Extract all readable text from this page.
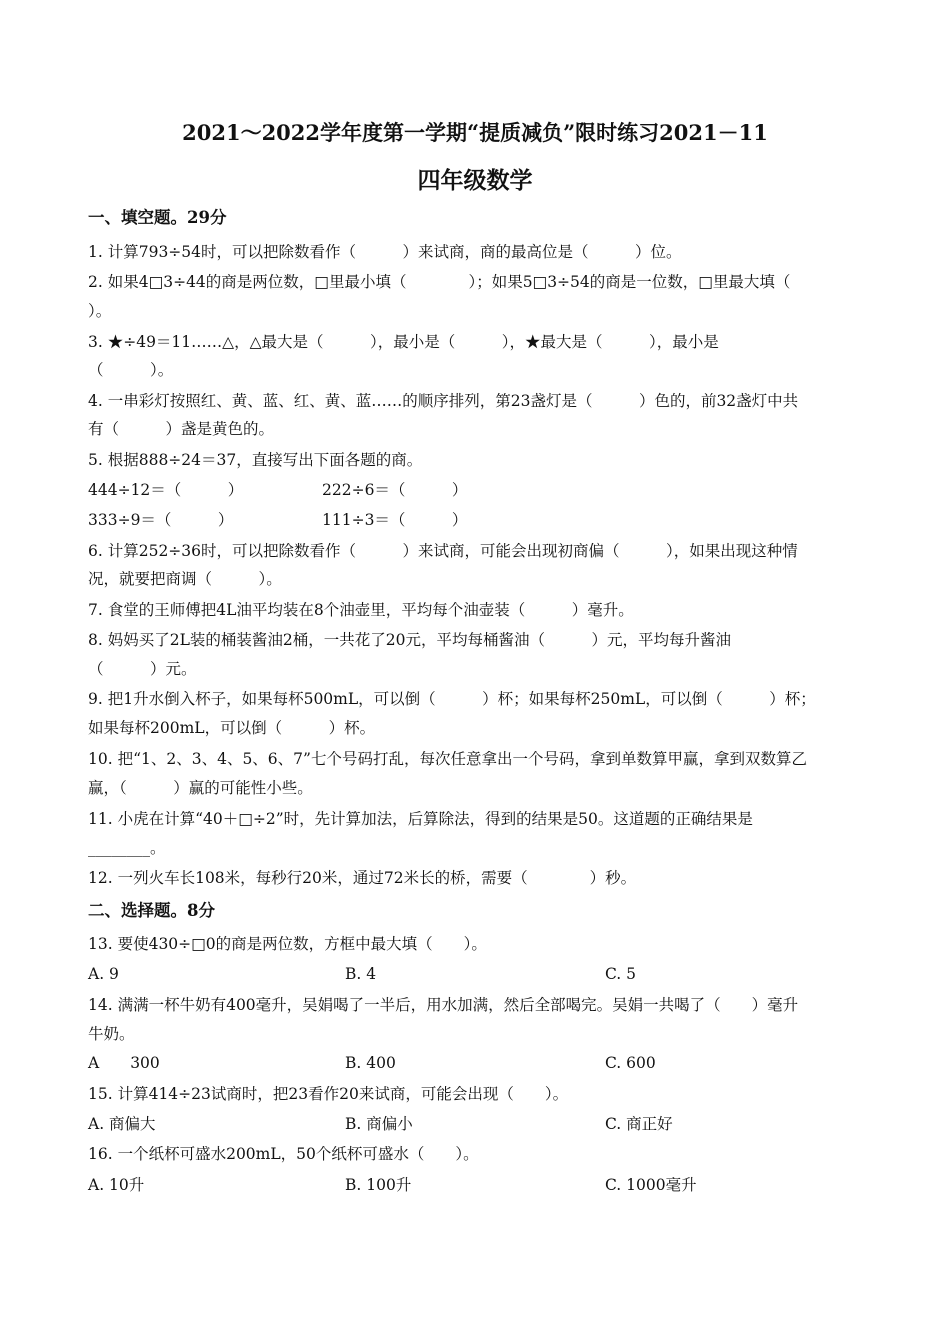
2021～2022学年度第一学期“提质减负”限时练习2021－11
四年级数学
一、填空题。29分
1. 计算793÷54时，可以把除数看作（　　　）来试商，商的最高位是（　　　）位。
2. 如果4□3÷44的商是两位数，□里最小填（　　　　）；如果5□3÷54的商是一位数，□里最大填（
）。
3. ★÷49＝11……△，△最大是（　　　），最小是（　　　），★最大是（　　　），最小是
（　　　）。
4. 一串彩灯按照红、黄、蓝、红、黄、蓝……的顺序排列，第23盏灯是（　　　）色的，前32盏灯中共
有（　　　）盏是黄色的。
5. 根据888÷24＝37，直接写出下面各题的商。
444÷12＝（　　　）	222÷6＝（　　　）
333÷9＝（　　　）	111÷3＝（　　　）
6. 计算252÷36时，可以把除数看作（　　　）来试商，可能会出现初商偏（　　　），如果出现这种情
况，就要把商调（　　　）。
7. 食堂的王师傅把4L油平均装在8个油壶里，平均每个油壶装（　　　）毫升。
8. 妈妈买了2L装的桶装酱油2桶，一共花了20元，平均每桶酱油（　　　）元，平均每升酱油
（　　　）元。
9. 把1升水倒入杯子，如果每杯500mL，可以倒（　　　）杯；如果每杯250mL，可以倒（　　　）杯；
如果每杯200mL，可以倒（　　　）杯。
10. 把“1、2、3、4、5、6、7”七个号码打乱，每次任意拿出一个号码，拿到单数算甲赢，拿到双数算乙
赢，（　　　）赢的可能性小些。
11. 小虎在计算“40＋□÷2”时，先计算加法，后算除法，得到的结果是50。这道题的正确结果是
________。
12. 一列火车长108米，每秒行20米，通过72米长的桥，需要（　　　　）秒。
二、选择题。8分
13. 要使430÷□0的商是两位数，方框中最大填（　　）。
A. 9	B. 4	C. 5
14. 满满一杯牛奶有400毫升，吴娟喝了一半后，用水加满，然后全部喝完。吴娟一共喝了（　　）毫升
牛奶。
A　　300	B. 400	C. 600
15. 计算414÷23试商时，把23看作20来试商，可能会出现（　　）。
A. 商偏大	B. 商偏小	C. 商正好
16. 一个纸杯可盛水200mL，50个纸杯可盛水（　　）。
A. 10升	B. 100升	C. 1000毫升
